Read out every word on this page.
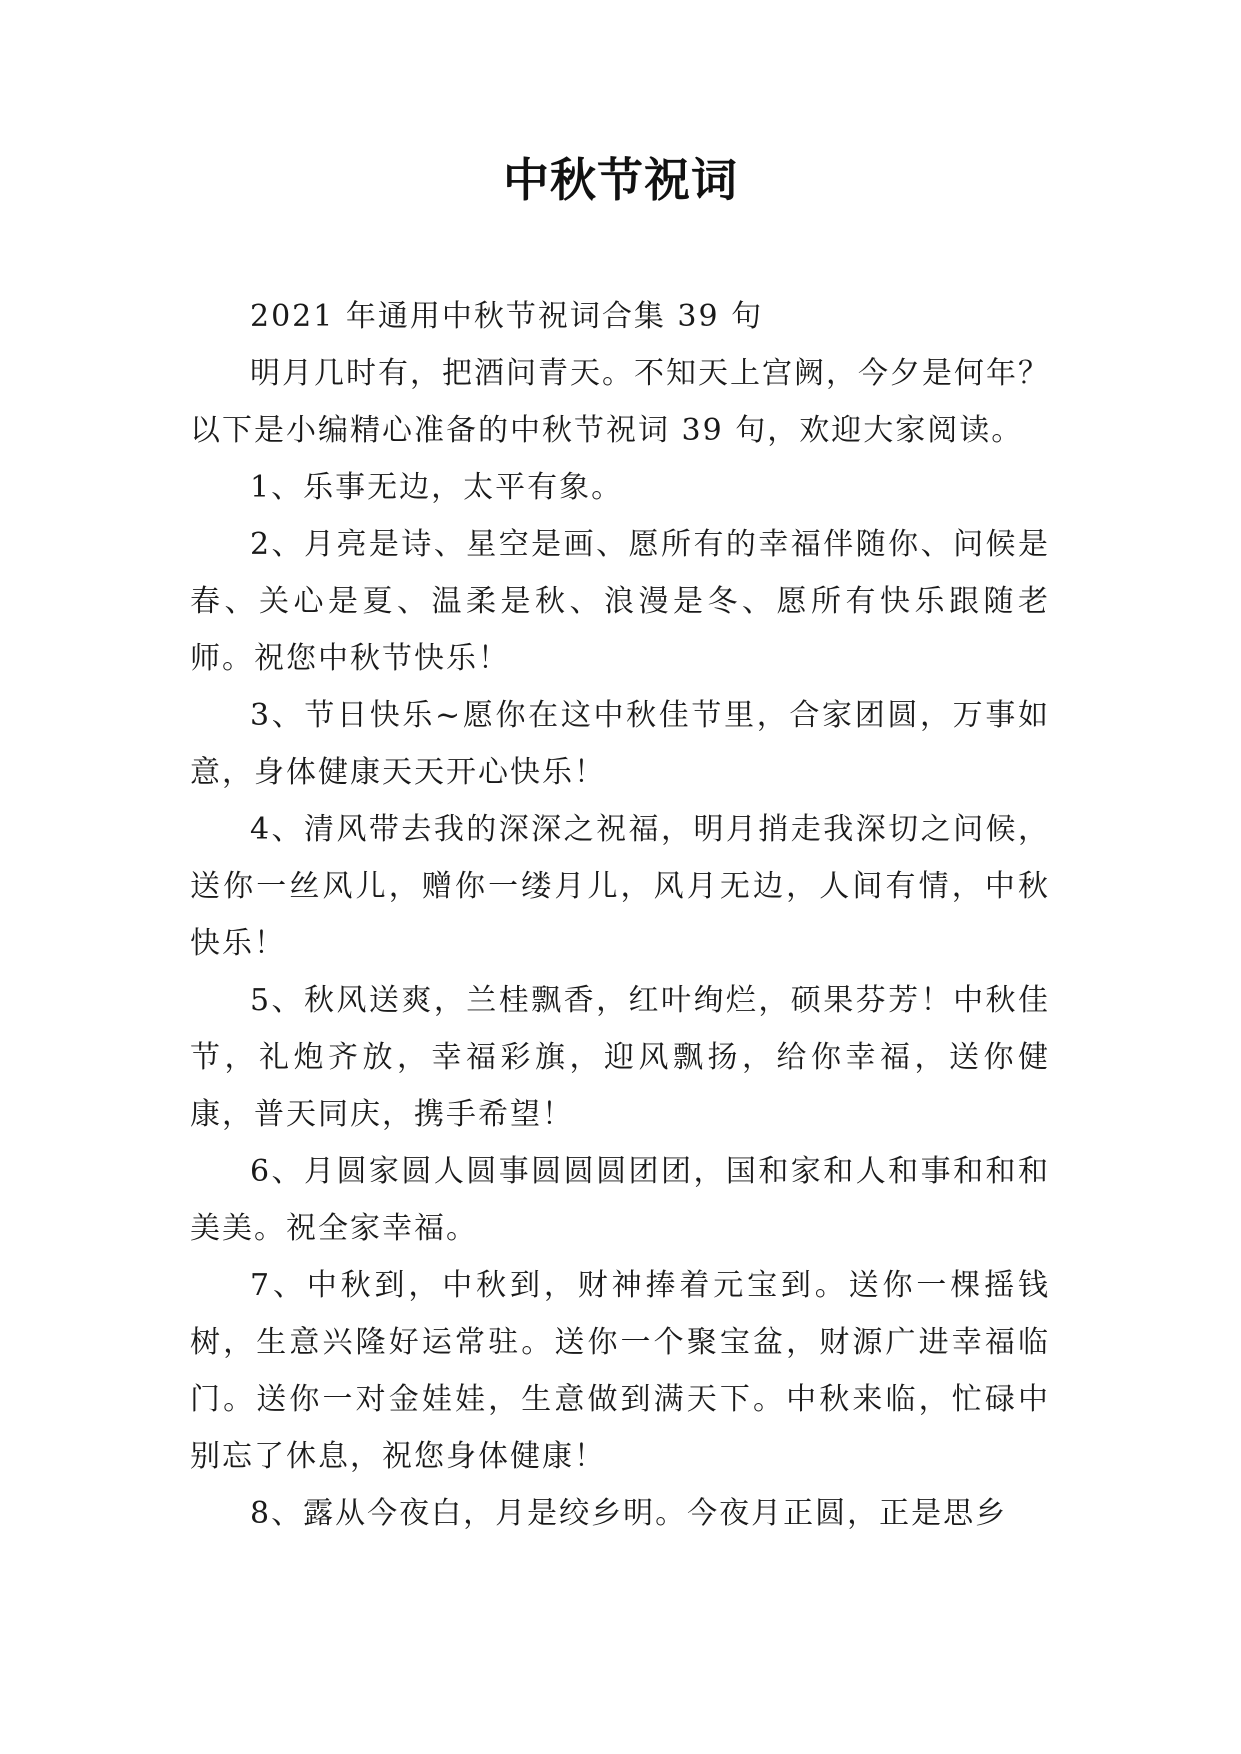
中秋节祝词

2021 年通用中秋节祝词合集 39 句

明月几时有，把酒问青天。不知天上宫阙，今夕是何年？以下是小编精心准备的中秋节祝词 39 句，欢迎大家阅读。

1、乐事无边，太平有象。

2、月亮是诗、星空是画、愿所有的幸福伴随你、问候是春、关心是夏、温柔是秋、浪漫是冬、愿所有快乐跟随老师。祝您中秋节快乐！

3、节日快乐~愿你在这中秋佳节里，合家团圆，万事如意，身体健康天天开心快乐！

4、清风带去我的深深之祝福，明月捎走我深切之问候，送你一丝风儿，赠你一缕月儿，风月无边，人间有情，中秋快乐！

5、秋风送爽，兰桂飘香，红叶绚烂，硕果芬芳！中秋佳节，礼炮齐放，幸福彩旗，迎风飘扬，给你幸福，送你健康，普天同庆，携手希望！

6、月圆家圆人圆事圆圆圆团团，国和家和人和事和和和美美。祝全家幸福。

7、中秋到，中秋到，财神捧着元宝到。送你一棵摇钱树，生意兴隆好运常驻。送你一个聚宝盆，财源广进幸福临门。送你一对金娃娃，生意做到满天下。中秋来临，忙碌中别忘了休息，祝您身体健康！

8、露从今夜白，月是绞乡明。今夜月正圆，正是思乡
